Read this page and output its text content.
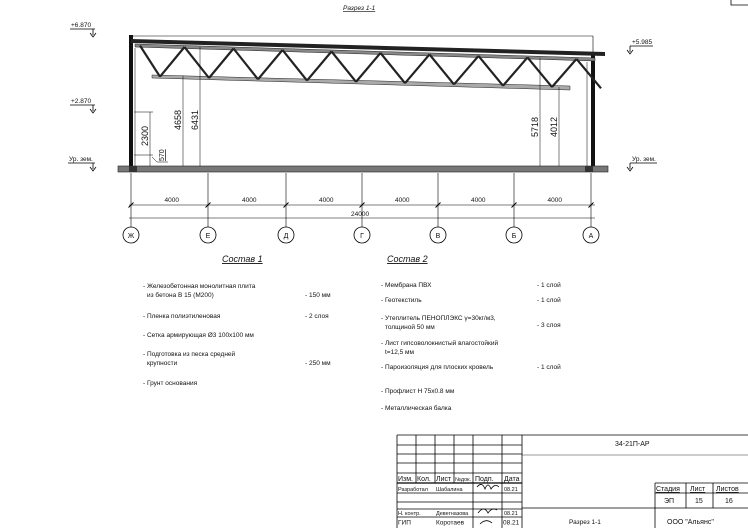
Разрез 1-1
+6.870
+2.870
Ур. зем.
+5.985
Ур. зем.
2300
570
4658 6431	5718 4012
Ж
4000
Е
4000
Д
4000
Г
4000
В
4000
Б
4000
А
24000
Состав 1
- Железобетонная монолитная плита
из бетона В 15 (М200)	- 150 мм
- Пленка полиэтиленовая	- 2 слоя
- Сетка армирующая Ø3 100х100 мм
- Подготовка из песка средней
крупности	- 250 мм
- Грунт основания
Состав 2
- Мембрана ПВХ	- 1 слой
- Геотекстиль	- 1 слой
- Утеплитель ПЕНОПЛЭКС γ=30кг/м3,
толщиной 50 мм	- 3 слоя
- Лист гипсоволокнистый влагостойкий
t=12,5 мм
- Пароизоляция для плоских кровель	- 1 слой
- Профлист Н 75х0.8 мм
- Металлическая балка
34-21П-АР
Изм. Кол. Лист №док. Подп. Дата
Разработал Шабалина	08.21
Н. контр.	Девегназова	08.21
ГИП	Коротаев	08.21
Стадия Лист Листов
ЭП	15	16
Разрез 1-1	ООО "Альянс"
